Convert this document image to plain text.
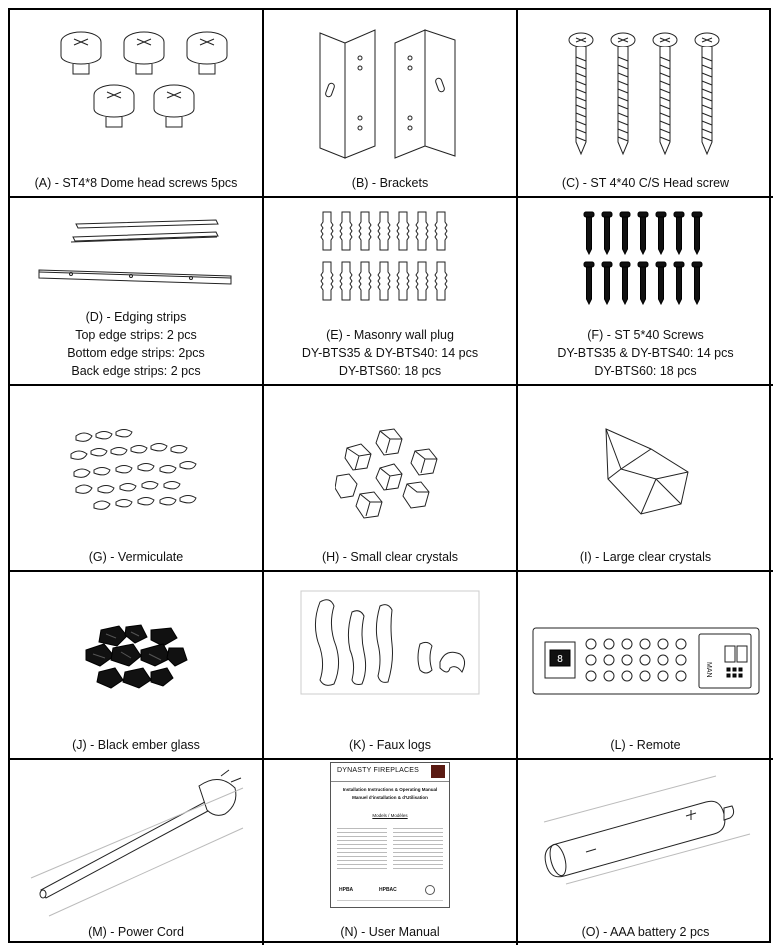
(A) - ST4*8 Dome head screws 5pcs	(B) - Brackets	(C) - ST 4*40 C/S Head screw
(D) - Edging strips
Top edge strips: 2 pcs
Bottom edge strips: 2pcs
Back edge strips: 2 pcs
(E) - Masonry wall plug
DY-BTS35 & DY-BTS40: 14 pcs
DY-BTS60: 18 pcs
(F) - ST 5*40 Screws
DY-BTS35 & DY-BTS40: 14 pcs
DY-BTS60: 18 pcs
(G) - Vermiculate	(H) - Small clear crystals	(I) - Large clear crystals
(J) - Black ember glass	(K) - Faux logs
8
MAN
(L) - Remote
(M) - Power Cord
DYNASTY FIREPLACES
Installation Instructions & Operating Manual
Manuel d'installation & d'Utilisation
Models / Modèles
HPBA	HPBAC
(N) - User Manual	(O) - AAA battery 2 pcs
